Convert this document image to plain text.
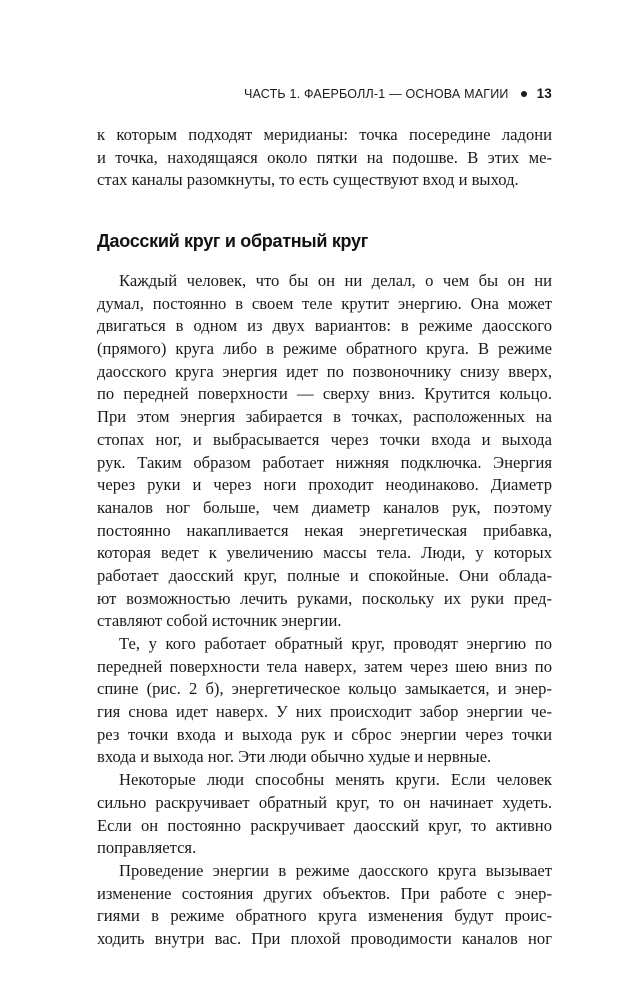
ЧАСТЬ 1. ФАЕРБОЛЛ-1 — ОСНОВА МАГИИ 13
к которым подходят меридианы: точка посередине ладони
и точка, находящаяся около пятки на подошве. В этих ме-
стах каналы разомкнуты, то есть существуют вход и выход.
Даосский круг и обратный круг
Каждый человек, что бы он ни делал, о чем бы он ни
думал, постоянно в своем теле крутит энергию. Она может
двигаться в одном из двух вариантов: в режиме даосского
(прямого) круга либо в режиме обратного круга. В режиме
даосского круга энергия идет по позвоночнику снизу вверх,
по передней поверхности — сверху вниз. Крутится кольцо.
При этом энергия забирается в точках, расположенных на
стопах ног, и выбрасывается через точки входа и выхода
рук. Таким образом работает нижняя подключка. Энергия
через руки и через ноги проходит неодинаково. Диаметр
каналов ног больше, чем диаметр каналов рук, поэтому
постоянно накапливается некая энергетическая прибавка,
которая ведет к увеличению массы тела. Люди, у которых
работает даосский круг, полные и спокойные. Они облада-
ют возможностью лечить руками, поскольку их руки пред-
ставляют собой источник энергии.
Те, у кого работает обратный круг, проводят энергию по
передней поверхности тела наверх, затем через шею вниз по
спине (рис. 2 б), энергетическое кольцо замыкается, и энер-
гия снова идет наверх. У них происходит забор энергии че-
рез точки входа и выхода рук и сброс энергии через точки
входа и выхода ног. Эти люди обычно худые и нервные.
Некоторые люди способны менять круги. Если человек
сильно раскручивает обратный круг, то он начинает худеть.
Если он постоянно раскручивает даосский круг, то активно
поправляется.
Проведение энергии в режиме даосского круга вызывает
изменение состояния других объектов. При работе с энер-
гиями в режиме обратного круга изменения будут проис-
ходить внутри вас. При плохой проводимости каналов ног
